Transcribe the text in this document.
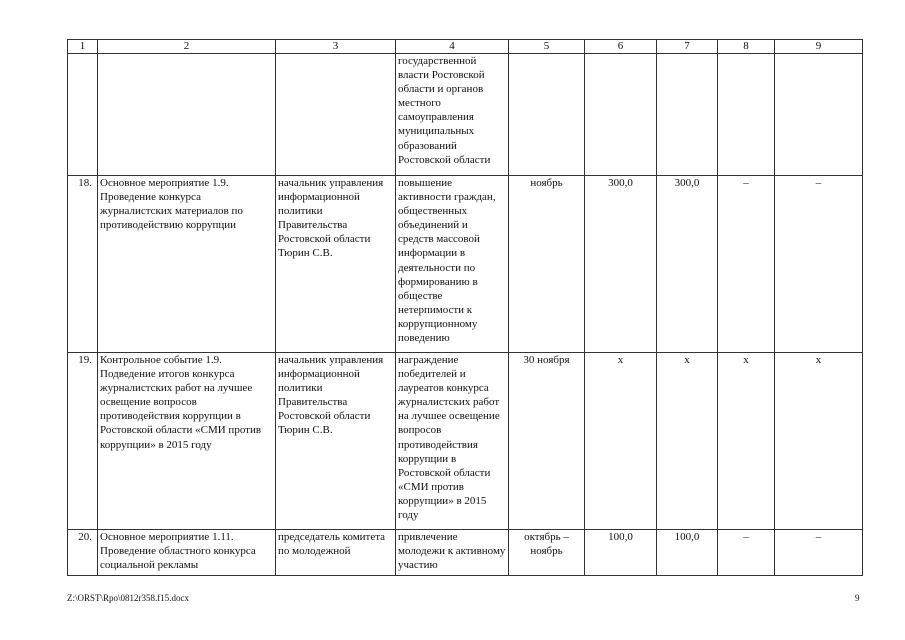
1	2	3	4	5	6	7	8	9
			государственной власти Ростовской области и органов местного самоуправления муниципальных образований Ростовской области					
18.	Основное мероприятие 1.9. Проведение конкурса журналистских материалов по противодействию коррупции	начальник управления информационной политики Правительства Ростовской области Тюрин С.В.	повышение активности граждан, общественных объединений и средств массовой информации в деятельности по формированию в обществе нетерпимости к коррупционному поведению	ноябрь	300,0	300,0	–	–
19.	Контрольное событие 1.9. Подведение итогов конкурса журналистских работ на лучшее освещение вопросов противодействия коррупции в Ростовской области «СМИ против коррупции» в 2015 году	начальник управления информационной политики Правительства Ростовской области Тюрин С.В.	награждение победителей и лауреатов конкурса журналистских работ на лучшее освещение вопросов противодействия коррупции в Ростовской области «СМИ против коррупции» в 2015 году	30 ноября	х	х	х	х
20.	Основное мероприятие 1.11. Проведение областного конкурса социальной рекламы	председатель комитета по молодежной	привлечение молодежи к активному участию	октябрь – ноябрь	100,0	100,0	–	–
Z:\ORST\Rpo\0812r358.f15.docx	9
